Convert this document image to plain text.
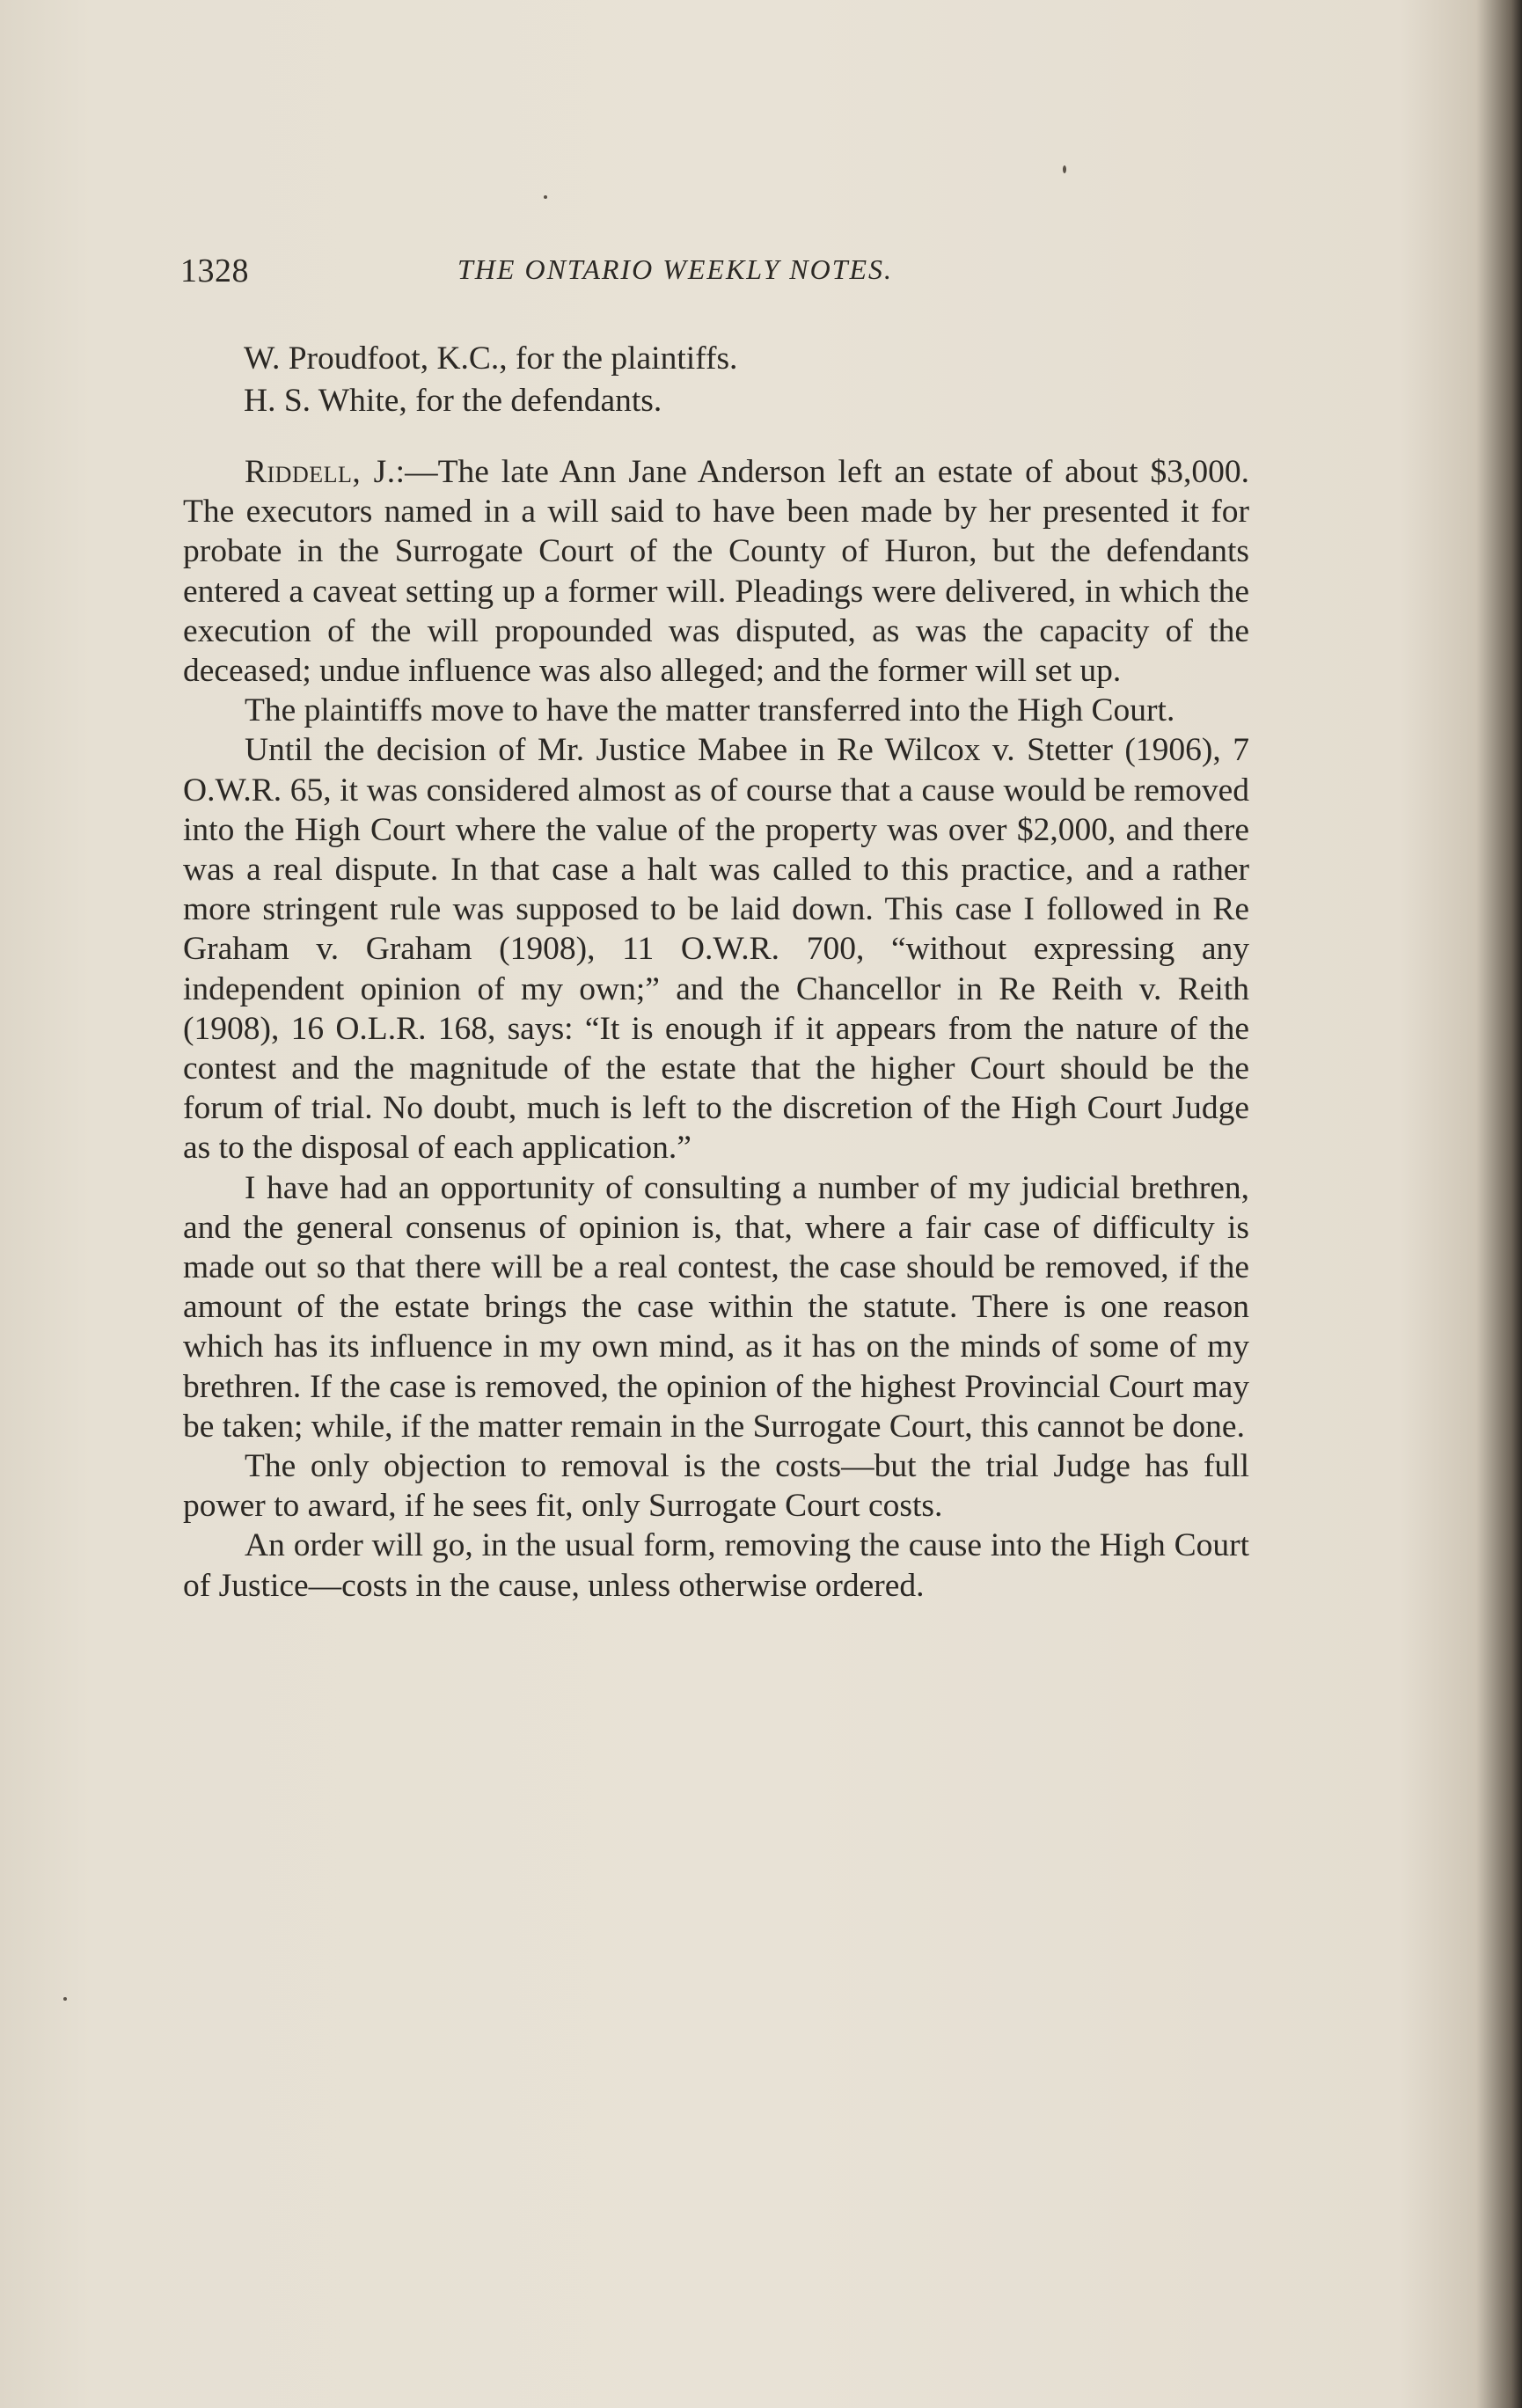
1328	THE ONTARIO WEEKLY NOTES.
W. Proudfoot, K.C., for the plaintiffs.
H. S. White, for the defendants.

Riddell, J.:—The late Ann Jane Anderson left an estate of about $3,000. The executors named in a will said to have been made by her presented it for probate in the Surrogate Court of the County of Huron, but the defendants entered a caveat setting up a former will. Pleadings were delivered, in which the execution of the will propounded was disputed, as was the capacity of the deceased; undue influence was also alleged; and the former will set up.

The plaintiffs move to have the matter transferred into the High Court.

Until the decision of Mr. Justice Mabee in Re Wilcox v. Stetter (1906), 7 O.W.R. 65, it was considered almost as of course that a cause would be removed into the High Court where the value of the property was over $2,000, and there was a real dispute. In that case a halt was called to this practice, and a rather more stringent rule was supposed to be laid down. This case I followed in Re Graham v. Graham (1908), 11 O.W.R. 700, “without expressing any independent opinion of my own;” and the Chancellor in Re Reith v. Reith (1908), 16 O.L.R. 168, says: “It is enough if it appears from the nature of the contest and the magnitude of the estate that the higher Court should be the forum of trial. No doubt, much is left to the discretion of the High Court Judge as to the disposal of each application.”

I have had an opportunity of consulting a number of my judicial brethren, and the general consenus of opinion is, that, where a fair case of difficulty is made out so that there will be a real contest, the case should be removed, if the amount of the estate brings the case within the statute. There is one reason which has its influence in my own mind, as it has on the minds of some of my brethren. If the case is removed, the opinion of the highest Provincial Court may be taken; while, if the matter remain in the Surrogate Court, this cannot be done.

The only objection to removal is the costs—but the trial Judge has full power to award, if he sees fit, only Surrogate Court costs.

An order will go, in the usual form, removing the cause into the High Court of Justice—costs in the cause, unless otherwise ordered.
